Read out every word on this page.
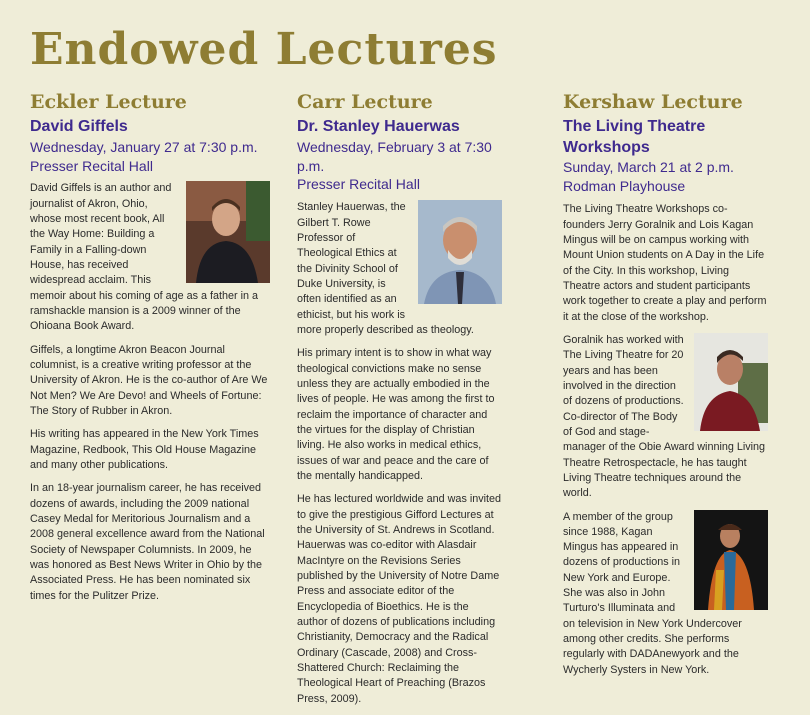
Endowed Lectures
Eckler Lecture

David Giffels

Wednesday, January 27 at 7:30 p.m.

Presser Recital Hall

David Giffels is an author and journalist of Akron, Ohio, whose most recent book, All the Way Home: Building a Family in a Falling-down House, has received widespread acclaim. This memoir about his coming of age as a father in a ramshackle mansion is a 2009 winner of the Ohioana Book Award.

Giffels, a longtime Akron Beacon Journal columnist, is a creative writing professor at the University of Akron. He is the co-author of Are We Not Men? We Are Devo! and Wheels of Fortune: The Story of Rubber in Akron.

His writing has appeared in the New York Times Magazine, Redbook, This Old House Magazine and many other publications.

In an 18-year journalism career, he has received dozens of awards, including the 2009 national Casey Medal for Meritorious Journalism and a 2008 general excellence award from the National Society of Newspaper Columnists. In 2009, he was honored as Best News Writer in Ohio by the Associated Press. He has been nominated six times for the Pulitzer Prize.

Carr Lecture

Dr. Stanley Hauerwas

Wednesday, February 3 at 7:30 p.m.

Presser Recital Hall

Stanley Hauerwas, the Gilbert T. Rowe Professor of Theological Ethics at the Divinity School of Duke University, is often identified as an ethicist, but his work is more properly described as theology.

His primary intent is to show in what way theological convictions make no sense unless they are actually embodied in the lives of people. He was among the first to reclaim the importance of character and the virtues for the display of Christian living. He also works in medical ethics, issues of war and peace and the care of the mentally handicapped.

He has lectured worldwide and was invited to give the prestigious Gifford Lectures at the University of St. Andrews in Scotland. Hauerwas was co-editor with Alasdair MacIntyre on the Revisions Series published by the University of Notre Dame Press and associate editor of the Encyclopedia of Bioethics. He is the author of dozens of publications including Christianity, Democracy and the Radical Ordinary (Cascade, 2008) and Cross-Shattered Church: Reclaiming the Theological Heart of Preaching (Brazos Press, 2009).

Kershaw Lecture

The Living Theatre Workshops

Sunday, March 21 at 2 p.m.

Rodman Playhouse

The Living Theatre Workshops co-founders Jerry Goralnik and Lois Kagan Mingus will be on campus working with Mount Union students on A Day in the Life of the City. In this workshop, Living Theatre actors and student participants work together to create a play and perform it at the close of the workshop.

Goralnik has worked with The Living Theatre for 20 years and has been involved in the direction of dozens of productions. Co-director of The Body of God and stage-manager of the Obie Award winning Living Theatre Retrospectacle, he has taught Living Theatre techniques around the world.

A member of the group since 1988, Kagan Mingus has appeared in dozens of productions in New York and Europe. She was also in John Turturo's Illuminata and on television in New York Undercover among other credits. She performs regularly with DADAnewyork and the Wycherly Systers in New York.
